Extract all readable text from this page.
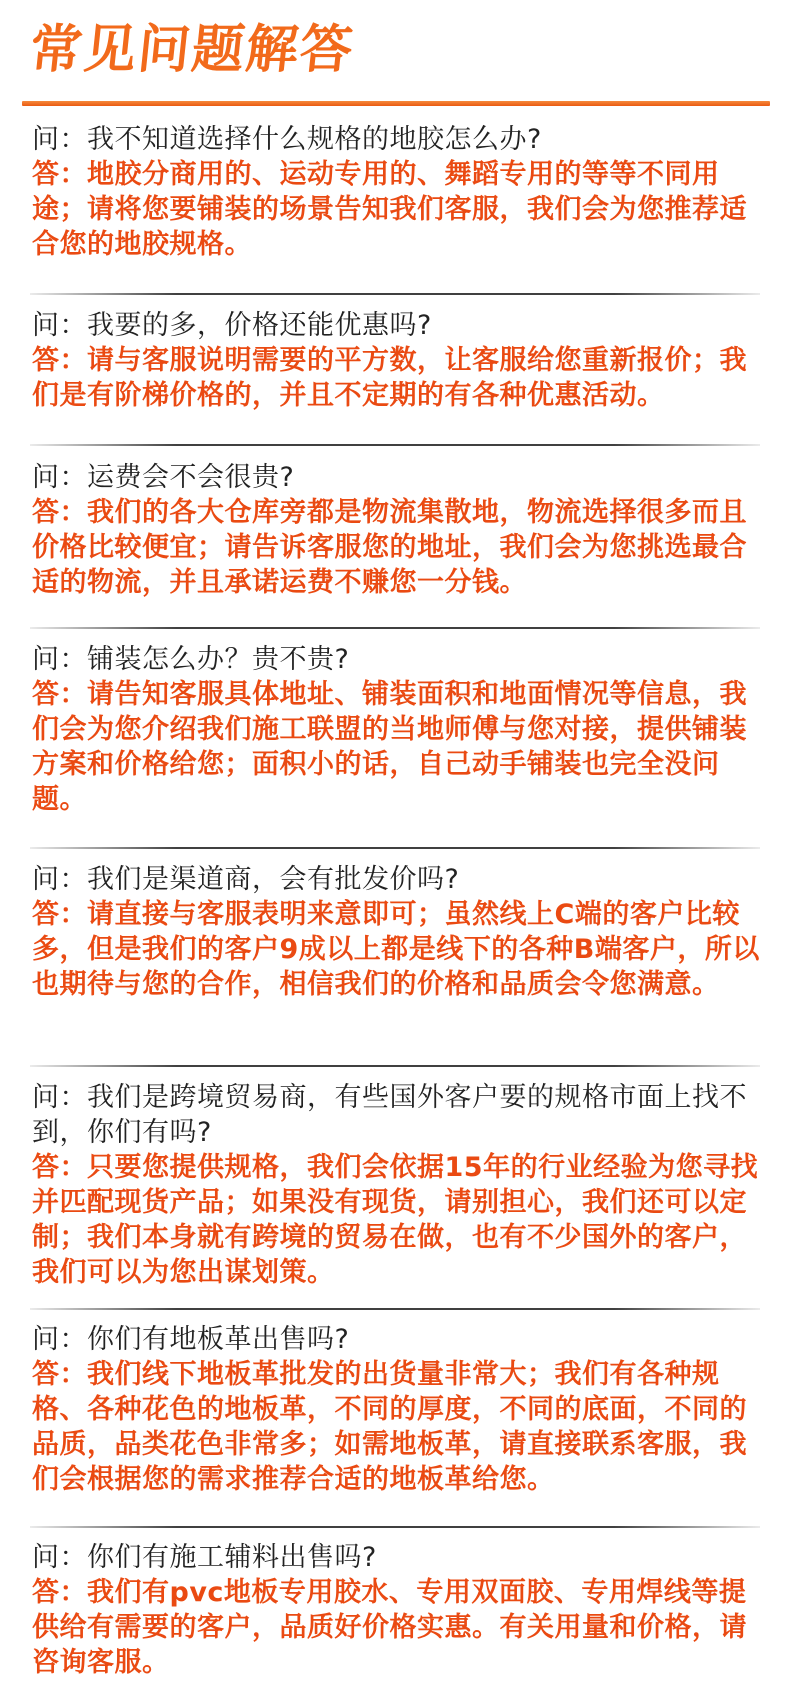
常见问题解答

问：我不知道选择什么规格的地胶怎么办?

答：地胶分商用的、运动专用的、舞蹈专用的等等不同用途；请将您要铺装的场景告知我们客服，我们会为您推荐适合您的地胶规格。

问：我要的多，价格还能优惠吗?

答：请与客服说明需要的平方数，让客服给您重新报价；我们是有阶梯价格的，并且不定期的有各种优惠活动。

问：运费会不会很贵?

答：我们的各大仓库旁都是物流集散地，物流选择很多而且价格比较便宜；请告诉客服您的地址，我们会为您挑选最合适的物流，并且承诺运费不赚您一分钱。

问：铺装怎么办？贵不贵?

答：请告知客服具体地址、铺装面积和地面情况等信息，我们会为您介绍我们施工联盟的当地师傅与您对接，提供铺装方案和价格给您；面积小的话，自己动手铺装也完全没问题。

问：我们是渠道商，会有批发价吗?

答：请直接与客服表明来意即可；虽然线上C端的客户比较多，但是我们的客户9成以上都是线下的各种B端客户，所以也期待与您的合作，相信我们的价格和品质会令您满意。

问：我们是跨境贸易商，有些国外客户要的规格市面上找不到，你们有吗?

答：只要您提供规格，我们会依据15年的行业经验为您寻找并匹配现货产品；如果没有现货，请别担心，我们还可以定制；我们本身就有跨境的贸易在做，也有不少国外的客户，我们可以为您出谋划策。

问：你们有地板革出售吗?

答：我们线下地板革批发的出货量非常大；我们有各种规格、各种花色的地板革，不同的厚度，不同的底面，不同的品质，品类花色非常多；如需地板革，请直接联系客服，我们会根据您的需求推荐合适的地板革给您。

问：你们有施工辅料出售吗?

答：我们有pvc地板专用胶水、专用双面胶、专用焊线等提供给有需要的客户，品质好价格实惠。有关用量和价格，请咨询客服。
